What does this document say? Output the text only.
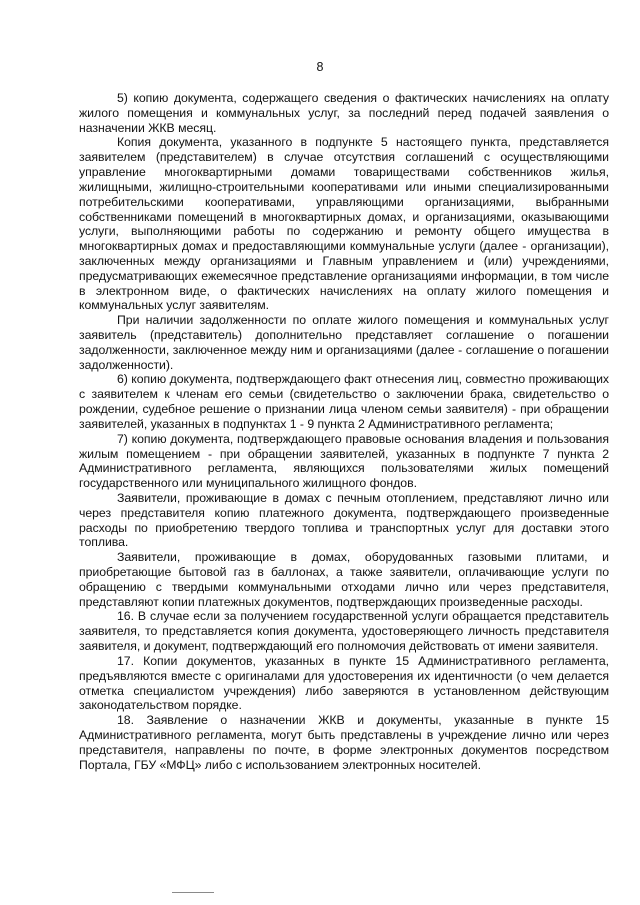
8

5) копию документа, содержащего сведения о фактических начислениях на оплату жилого помещения и коммунальных услуг, за последний перед подачей заявления о назначении ЖКВ месяц.

Копия документа, указанного в подпункте 5 настоящего пункта, представляется заявителем (представителем) в случае отсутствия соглашений с осуществляющими управление многоквартирными домами товариществами собственников жилья, жилищными, жилищно-строительными кооперативами или иными специализированными потребительскими кооперативами, управляющими организациями, выбранными собственниками помещений в многоквартирных домах, и организациями, оказывающими услуги, выполняющими работы по содержанию и ремонту общего имущества в многоквартирных домах и предоставляющими коммунальные услуги (далее - организации), заключенных между организациями и Главным управлением и (или) учреждениями, предусматривающих ежемесячное представление организациями информации, в том числе в электронном виде, о фактических начислениях на оплату жилого помещения и коммунальных услуг заявителям.

При наличии задолженности по оплате жилого помещения и коммунальных услуг заявитель (представитель) дополнительно представляет соглашение о погашении задолженности, заключенное между ним и организациями (далее - соглашение о погашении задолженности).

6) копию документа, подтверждающего факт отнесения лиц, совместно проживающих с заявителем к членам его семьи (свидетельство о заключении брака, свидетельство о рождении, судебное решение о признании лица членом семьи заявителя) - при обращении заявителей, указанных в подпунктах 1 - 9 пункта 2 Административного регламента;

7) копию документа, подтверждающего правовые основания владения и пользования жилым помещением - при обращении заявителей, указанных в подпункте 7 пункта 2 Административного регламента, являющихся пользователями жилых помещений государственного или муниципального жилищного фондов.

Заявители, проживающие в домах с печным отоплением, представляют лично или через представителя копию платежного документа, подтверждающего произведенные расходы по приобретению твердого топлива и транспортных услуг для доставки этого топлива.

Заявители, проживающие в домах, оборудованных газовыми плитами, и приобретающие бытовой газ в баллонах, а также заявители, оплачивающие услуги по обращению с твердыми коммунальными отходами лично или через представителя, представляют копии платежных документов, подтверждающих произведенные расходы.

16. В случае если за получением государственной услуги обращается представитель заявителя, то представляется копия документа, удостоверяющего личность представителя заявителя, и документ, подтверждающий его полномочия действовать от имени заявителя.

17. Копии документов, указанных в пункте 15 Административного регламента, предъявляются вместе с оригиналами для удостоверения их идентичности (о чем делается отметка специалистом учреждения) либо заверяются в установленном действующим законодательством порядке.

18. Заявление о назначении ЖКВ и документы, указанные в пункте 15 Административного регламента, могут быть представлены в учреждение лично или через представителя, направлены по почте, в форме электронных документов посредством Портала, ГБУ «МФЦ» либо с использованием электронных носителей.
